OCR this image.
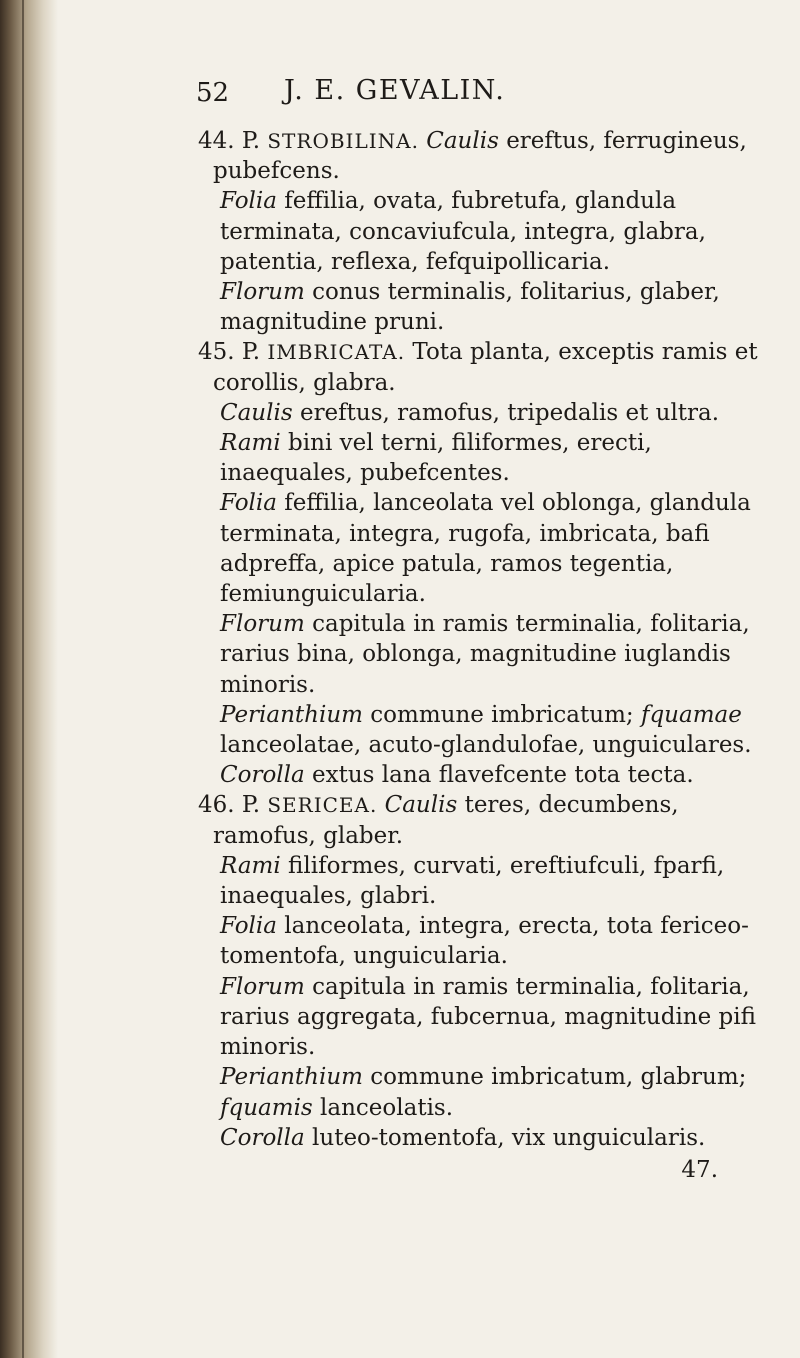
52 J. E. GEVALIN.

44. P. STROBILINA. Caulis ereftus, ferrugineus, pubefcens.

Folia feffilia, ovata, fubretufa, glandula terminata, concaviufcula, integra, glabra, patentia, reflexa, fefquipollicaria.

Florum conus terminalis, folitarius, glaber, magnitudine pruni.

45. P. IMBRICATA. Tota planta, exceptis ramis et corollis, glabra.

Caulis ereftus, ramofus, tripedalis et ultra.

Rami bini vel terni, filiformes, erecti, inaequales, pubefcentes.

Folia feffilia, lanceolata vel oblonga, glandula terminata, integra, rugofa, imbricata, bafi adpreffa, apice patula, ramos tegentia, femiunguicularia.

Florum capitula in ramis terminalia, folitaria, rarius bina, oblonga, magnitudine iuglandis minoris.

Perianthium commune imbricatum; fquamae lanceolatae, acuto-glandulofae, unguiculares.

Corolla extus lana flavefcente tota tecta.

46. P. SERICEA. Caulis teres, decumbens, ramofus, glaber.

Rami filiformes, curvati, ereftiufculi, fparfi, inaequales, glabri.

Folia lanceolata, integra, erecta, tota fericeo-tomentofa, unguicularia.

Florum capitula in ramis terminalia, folitaria, rarius aggregata, fubcernua, magnitudine pifi minoris.

Perianthium commune imbricatum, glabrum; fquamis lanceolatis.

Corolla luteo-tomentofa, vix unguicularis.

47.
